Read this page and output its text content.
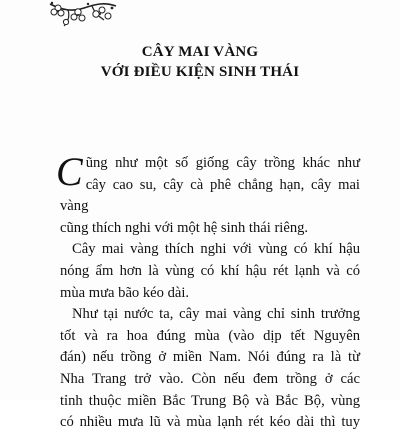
CÂY MAI VÀNG
VỚI ĐIỀU KIỆN SINH THÁI
C ũng như một số giống cây trồng khác như

cây cao su, cây cà phê chẳng hạn, cây mai vàng

cũng thích nghi với một hệ sinh thái riêng.

Cây mai vàng thích nghi với vùng có khí hậu

nóng ẩm hơn là vùng có khí hậu rét lạnh và có

mùa mưa bão kéo dài.

Như tại nước ta, cây mai vàng chỉ sinh trưởng

tốt và ra hoa đúng mùa (vào dịp tết Nguyên

đán) nếu trồng ở miền Nam. Nói đúng ra là từ

Nha Trang trở vào. Còn nếu đem trồng ở các

tỉnh thuộc miền Bắc Trung Bộ và Bắc Bộ, vùng

có nhiều mưa lũ và mùa lạnh rét kéo dài thì tuy
